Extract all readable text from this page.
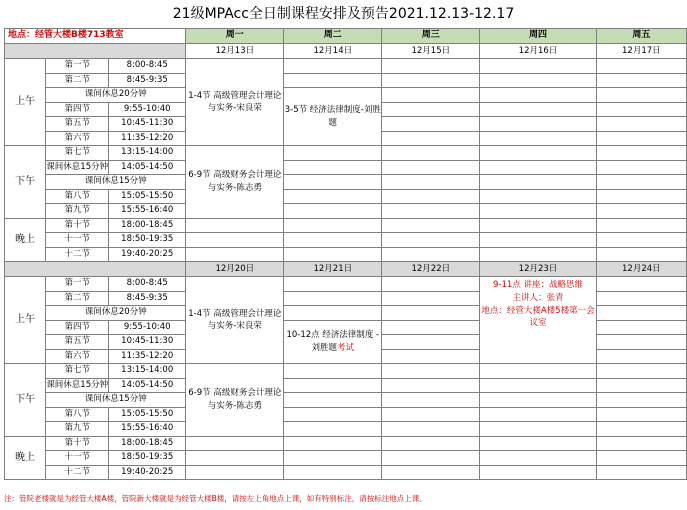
21级MPAcc全日制课程安排及预告2021.12.13-12.17
地点：经管大楼B楼713教室			周一	周二	周三	周四	周五
			12月13日	12月14日	12月15日	12月16日	12月17日
上午	第一节	8:00-8:45	1-4节 高级管理会计理论与实务-宋良荣				
	第二节	8:45-9:35					
	课间休息20分钟			3-5节 经济法律制度-刘胜题			
	第四节	9:55-10:40					
	第五节	10:45-11:30					
	第六节	11:35-12:20					
下午	第七节	13:15-14:00	6-9节 高级财务会计理论与实务-陈志勇				
	课间休息15分钟	14:05-14:50					
	课间休息15分钟						
	第八节	15:05-15:50					
	第九节	15:55-16:40					
晚上	第十节	18:00-18:45					
	十一节	18:50-19:35					
	十二节	19:40-20:25					
			12月20日	12月21日	12月22日	12月23日	12月24日
上午	第一节	8:00-8:45	1-4节 高级管理会计理论与实务-宋良荣			9-11点 讲座：战略思维
主讲人：张青
地点：经管大楼A楼5楼第一会议室	

	第二节	8:45-9:35					
	课间休息20分钟						
	第四节	9:55-10:40		10-12点 经济法律制度 -刘胜题考试			
	第五节	10:45-11:30					
	第六节	11:35-12:20					
下午	第七节	13:15-14:00	6-9节 高级财务会计理论与实务-陈志勇				
	课间休息15分钟	14:05-14:50					
	课间休息15分钟						
	第八节	15:05-15:50					
	第九节	15:55-16:40					
晚上	第十节	18:00-18:45					
	十一节	18:50-19:35					
	十二节	19:40-20:25					
注：管院老楼就是为经管大楼A楼，管院新大楼就是为经管大楼B楼，请按左上角地点上课，如有特别标注，请按标注地点上课。
